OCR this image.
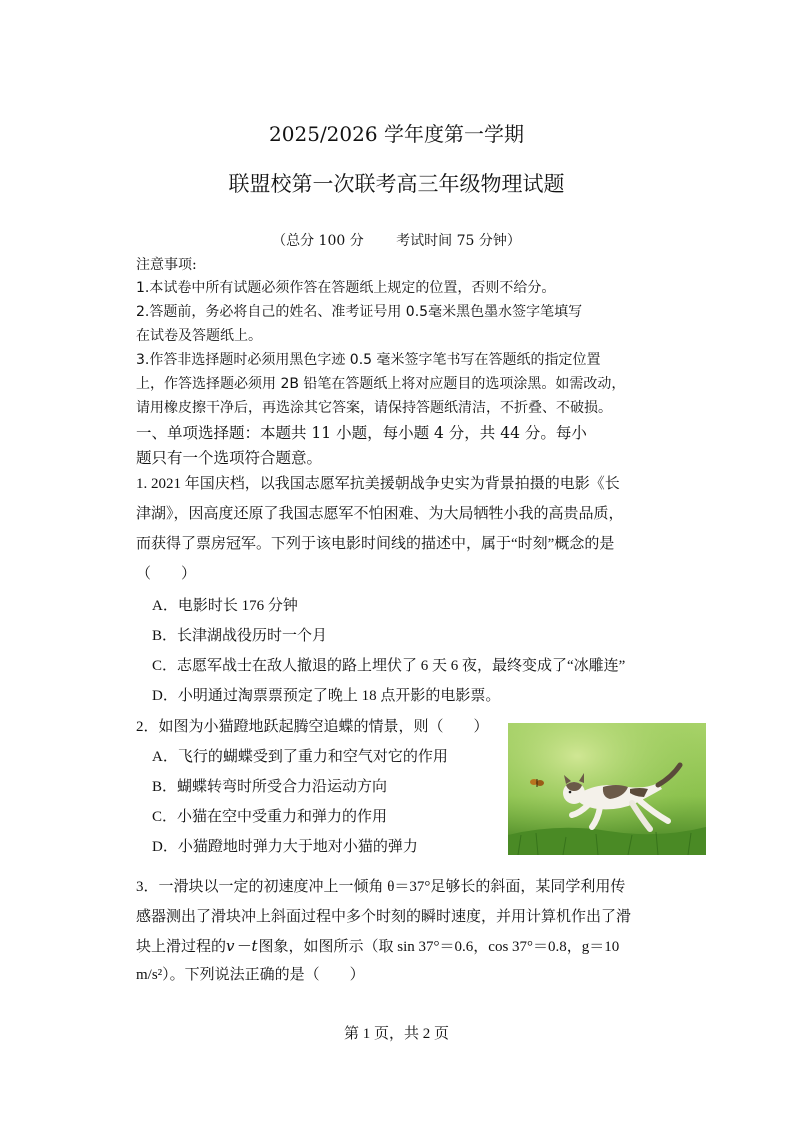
2025/2026 学年度第一学期
联盟校第一次联考高三年级物理试题
（总分 100 分　　 考试时间 75 分钟）
注意事项:
1.本试卷中所有试题必须作答在答题纸上规定的位置，否则不给分。
2.答题前，务必将自己的姓名、准考证号用 0.5毫米黑色墨水签字笔填写
在试卷及答题纸上。
3.作答非选择题时必须用黑色字迹 0.5 毫米签字笔书写在答题纸的指定位置
上，作答选择题必须用 2B 铅笔在答题纸上将对应题目的选项涂黑。如需改动，
请用橡皮擦干净后，再选涂其它答案，请保持答题纸清洁，不折叠、不破损。
一、单项选择题：本题共 11 小题，每小题 4 分，共 44 分。每小
题只有一个选项符合题意。
1. 2021 年国庆档，以我国志愿军抗美援朝战争史实为背景拍摄的电影《长
津湖》，因高度还原了我国志愿军不怕困难、为大局牺牲小我的高贵品质，
而获得了票房冠军。下列于该电影时间线的描述中，属于“时刻”概念的是
（　　）
A．电影时长 176 分钟
B．长津湖战役历时一个月
C．志愿军战士在敌人撤退的路上埋伏了 6 天 6 夜，最终变成了“冰雕连”
D．小明通过淘票票预定了晚上 18 点开影的电影票。
2．如图为小猫蹬地跃起腾空追蝶的情景，则（　　）
A．飞行的蝴蝶受到了重力和空气对它的作用
B．蝴蝶转弯时所受合力沿运动方向
C．小猫在空中受重力和弹力的作用
D．小猫蹬地时弹力大于地对小猫的弹力
3．一滑块以一定的初速度冲上一倾角 θ＝37°足够长的斜面，某同学利用传
感器测出了滑块冲上斜面过程中多个时刻的瞬时速度，并用计算机作出了滑
块上滑过程的v－t图象，如图所示（取 sin 37°＝0.6，cos 37°＝0.8，g＝10
m/s²）。下列说法正确的是（　　）
第 1 页，共 2 页
